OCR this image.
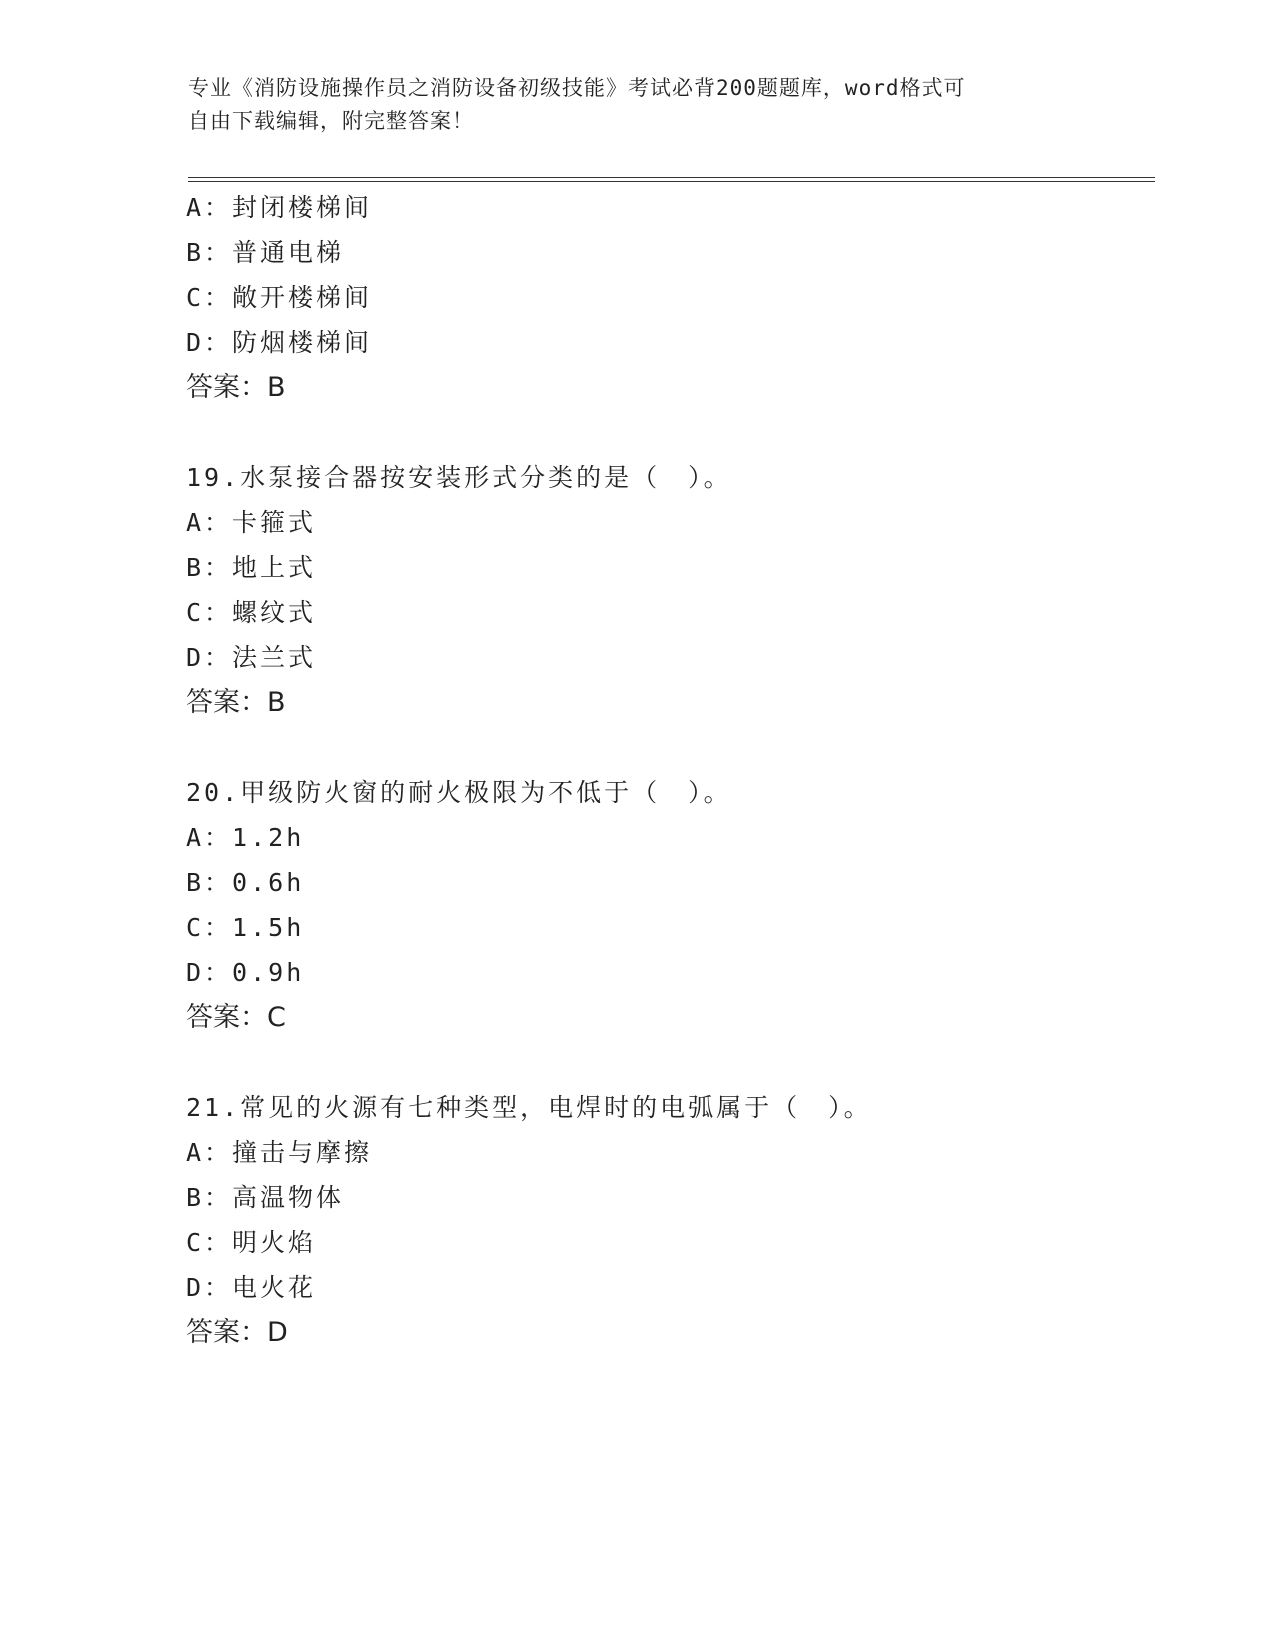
专业《消防设施操作员之消防设备初级技能》考试必背200题题库，word格式可
自由下载编辑，附完整答案！
A：封闭楼梯间
B：普通电梯
C：敞开楼梯间
D：防烟楼梯间
答案：B
19.水泵接合器按安装形式分类的是（　）。
A：卡箍式
B：地上式
C：螺纹式
D：法兰式
答案：B
20.甲级防火窗的耐火极限为不低于（　）。
A：1.2h
B：0.6h
C：1.5h
D：0.9h
答案：C
21.常见的火源有七种类型，电焊时的电弧属于（　）。
A：撞击与摩擦
B：高温物体
C：明火焰
D：电火花
答案：D
